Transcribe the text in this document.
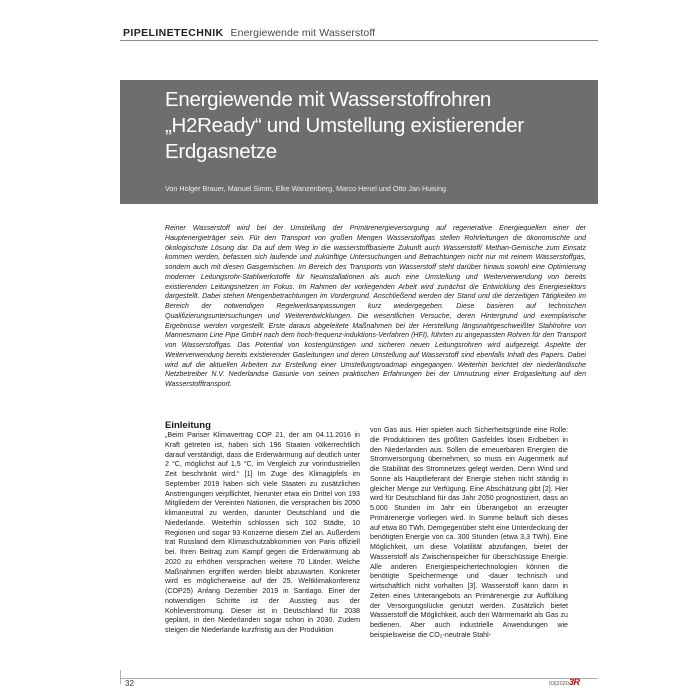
PIPELINETECHNIK Energiewende mit Wasserstoff
Energiewende mit Wasserstoffrohren „H2Ready“ und Umstellung existierender Erdgasnetze
Von Holger Brauer, Manuel Simm, Elke Wanzenberg, Marco Henel und Otto Jan Huising

Reiner Wasserstoff wird bei der Umstellung der Primärenergieversorgung auf regenerative Energiequellen einer der Hauptenergieträger sein. Für den Transport von großen Mengen Wasserstoffgas stellen Rohrleitungen die ökonomischte und ökologischste Lösung dar. Da auf dem Weg in die wasserstoffbasierte Zukunft auch Wasserstoff/ Methan-Gemische zum Einsatz kommen werden, befassen sich laufende und zukünftige Untersuchungen und Betrachtungen nicht nur mit reinem Wasserstoffgas, sondern auch mit diesen Gasgemischen. Im Bereich des Transports von Wasserstoff steht darüber hinaus sowohl eine Optimierung moderner Leitungsrohr-Stahlwerkstoffe für Neuinstallationen als auch eine Umstellung und Weiterverwendung von bereits existierenden Leitungsnetzen im Fokus. Im Rahmen der vorliegenden Arbeit wird zunächst die Entwicklung des Energiesektors dargestellt. Dabei stehen Mengenbetrachtungen im Vordergrund. Anschließend werden der Stand und die derzeitigen Tätigkeiten im Bereich der notwendigen Regelwerksanpassungen kurz wiedergegeben. Diese basieren auf technischen Qualifizierungsuntersuchungen und Weiterentwicklungen. Die wesentlichen Versuche, deren Hintergrund und exemplarische Ergebnisse werden vorgestellt. Erste daraus abgeleitete Maßnahmen bei der Herstellung längsnahtgeschweißter Stahlrohre von Mannesmann Line Pipe GmbH nach dem hoch-frequenz-induktions-Verfahren (HFI), führten zu angepassten Rohren für den Transport von Wasserstoffgas. Das Potential von kostengünstigen und sicheren neuen Leitungsrohren wird aufgezeigt. Aspekte der Weiterverwendung bereits existierender Gasleitungen und deren Umstellung auf Wasserstoff sind ebenfalls Inhalt des Papers. Dabei wird auf die aktuellen Arbeiten zur Erstellung einer Umstellungsroadmap eingegangen. Weiterhin berichtet der niederländische Netzbetreiber N.V. Nederlandse Gasunie von seinen praktischen Erfahrungen bei der Umnutzung einer Erdgasleitung auf den Wasserstofftransport.

Einleitung

„Beim Pariser Klimavertrag COP 21, der am 04.11.2016 in Kraft getreten ist, haben sich 196 Staaten völkerrechtlich darauf verständigt, dass die Erderwärmung auf deutlich unter 2 °C, möglichst auf 1,5 °C, im Vergleich zur vorindustriellen Zeit beschränkt wird.“ [1] Im Zuge des Klimagipfels im September 2019 haben sich viele Staaten zu zusätzlichen Anstrengungen verpflichtet, hierunter etwa ein Drittel von 193 Mitgliedern der Vereinten Nationen, die versprachen bis 2050 klimaneutral zu werden, darunter Deutschland und die Niederlande. Weiterhin schlossen sich 102 Städte, 10 Regionen und sogar 93 Konzerne diesem Ziel an. Außerdem trat Russland dem Klimaschutzabkommen von Paris offiziell bei. Ihren Beitrag zum Kampf gegen die Erderwärmung ab 2020 zu erhöhen versprachen weitere 70 Länder. Welche Maßnahmen ergriffen werden bleibt abzuwarten. Konkreter wird es möglicherweise auf der 25. Weltklimakonferenz (COP25) Anfang Dezember 2019 in Santiago. Einer der notwendigen Schritte ist der Ausstieg aus der Kohleverstromung. Dieser ist in Deutschland für 2038 geplant, in den Niederlanden sogar schon in 2030. Zudem steigen die Niederlande kurzfristig aus der Produktion

von Gas aus. Hier spielen auch Sicherheitsgründe eine Rolle: die Produktionen des größten Gasfeldes lösen Erdbeben in den Niederlanden aus. Sollen die erneuerbaren Energien die Stromversorgung übernehmen, so muss ein Augenmerk auf die Stabilität des Stromnetzes gelegt werden. Denn Wind und Sonne als Hauptlieferant der Energie stehen nicht ständig in gleicher Menge zur Verfügung. Eine Abschätzung gibt [2]. Hier wird für Deutschland für das Jahr 2050 prognostiziert, dass an 5.000 Stunden im Jahr ein Überangebot an erzeugter Primärenergie vorliegen wird. In Summe beläuft sich dieses auf etwa 80 TWh. Demgegenüber steht eine Unterdeckung der benötigten Energie von ca. 300 Stunden (etwa 3,3 TWh). Eine Möglichkeit, um diese Volatilität abzufangen, bietet der Wasserstoff als Zwischenspeicher für überschüssige Energie. Alle anderen Energiespeichertechnologien können die benötigte Speichermenge und -dauer technisch und wirtschaftlich nicht vorhalten [3]. Wasserstoff kann dann in Zeiten eines Unterangebots an Primärenergie zur Auffüllung der Versorgungslücke genutzt werden. Zusätzlich bietet Wasserstoff die Möglichkeit, auch den Wärmemarkt als Gas zu bedienen. Aber auch industrielle Anwendungen wie beispielsweise die CO₂-neutrale Stahl-

32	03|2020 3R
